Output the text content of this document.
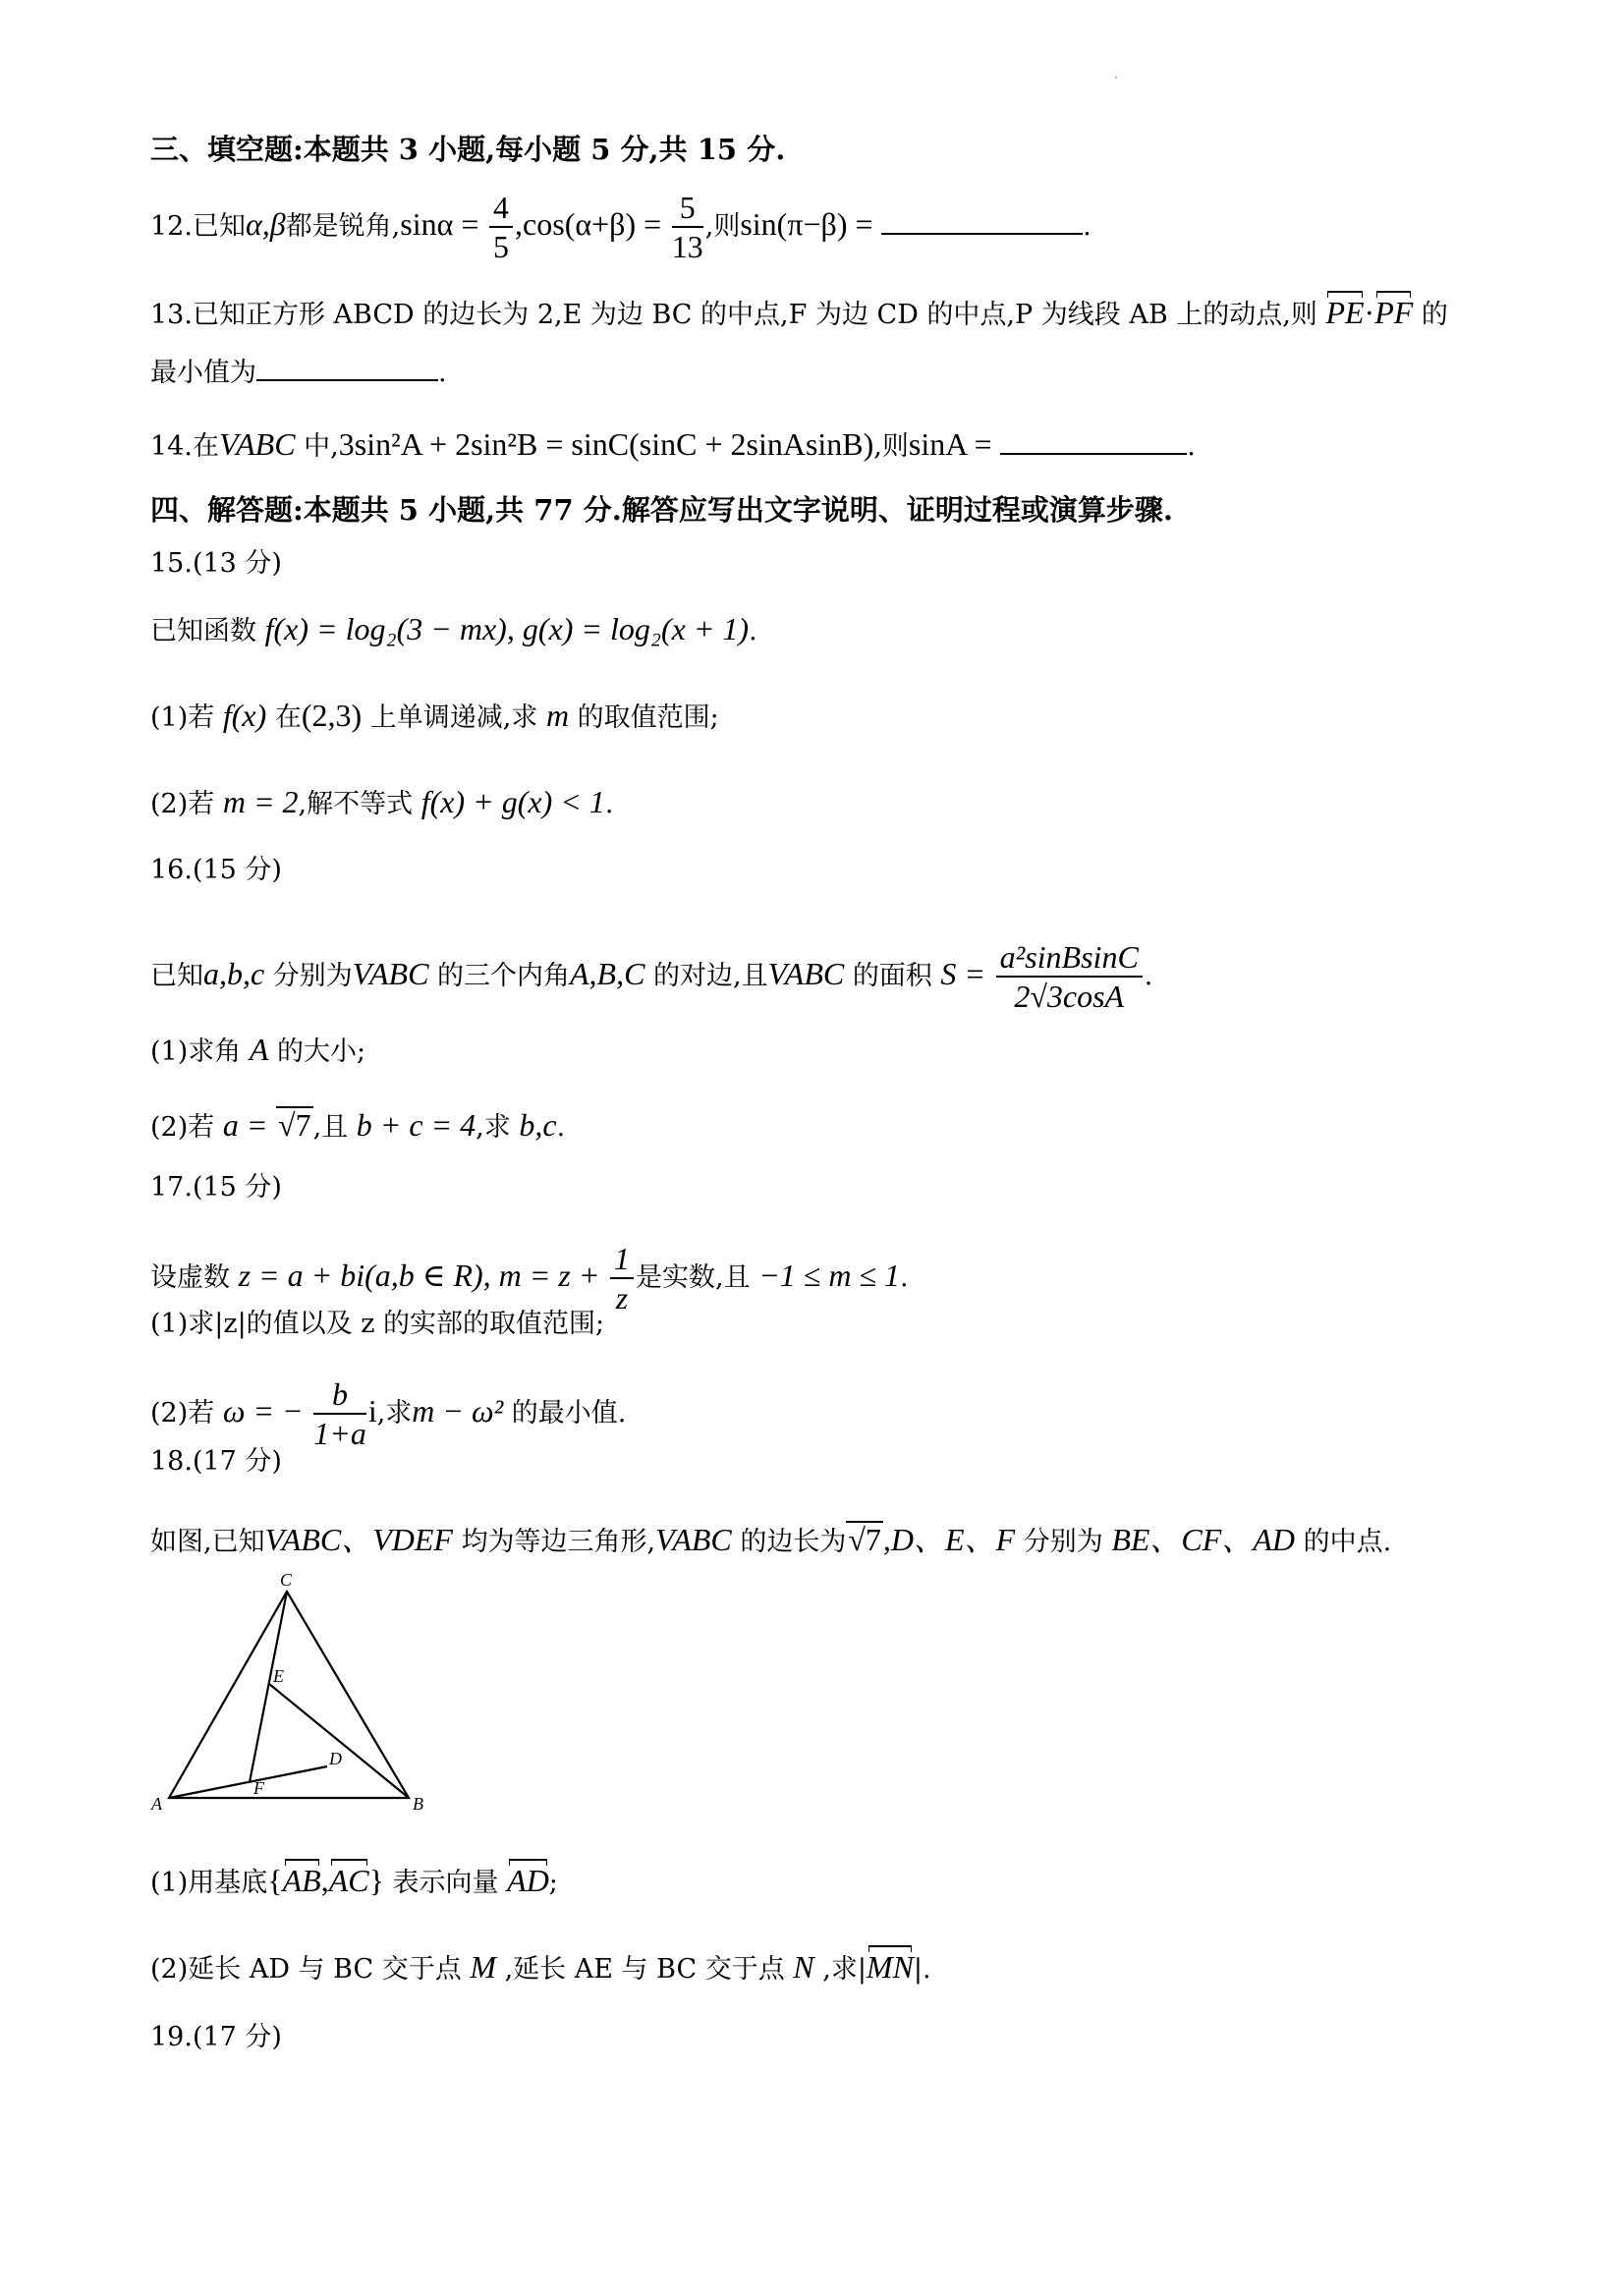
三、填空题:本题共 3 小题,每小题 5 分,共 15 分.
12.已知α,β都是锐角$,\sin\alpha = \frac{4}{5} ,\cos(\alpha+\beta) = \frac{5}{13}$ ,则sin(π−β) =	.
13.已知正方形 ABCD 的边长为 2,E 为边 BC 的中点,F 为边 CD 的中点,P 为线段 AB 上的动点,则 PE·PF 的
最小值为	.
14.在VABC 中,3sin²A + 2sin²B = sinC(sinC + 2sinAsinB),则sinA =	.
四、解答题:本题共 5 小题,共 77 分.解答应写出文字说明、证明过程或演算步骤.
15.(13 分)
已知函数 f(x) = log₂(3 − mx), g(x) = log₂(x + 1).
(1)若 f(x) 在(2,3) 上单调递减,求 m 的取值范围;
(2)若 m = 2,解不等式 f(x) + g(x) < 1.
16.(15 分)
已知a,b,c 分别为VABC 的三个内角A,B,C 的对边,且VABC 的面积 $S = \frac{\text{a²sinBsinC}}{2√3\cos A}$ .
(1)求角 A 的大小;
(2)若 a = √7,且 b + c = 4,求 b,c.
17.(15 分)
设虚数 z = a + bi(a,b ∈ R), $m = z + \frac{1}{z}$ 是实数,且 −1 ≤ m ≤ 1.
(1)求|z|的值以及 z 的实部的取值范围;
(2)若 ω = − $\frac{b}{1+a} i$,求m − ω² 的最小值.
18.(17 分)
如图,已知VABC、VDEF 均为等边三角形,VABC 的边长为√7,D、E、F 分别为 BE、CF、AD 的中点.
C
E
D
F
A	B
(1)用基底{AB,AC} 表示向量 AD;
(2)延长 AD 与 BC 交于点 M ,延长 AE 与 BC 交于点 N ,求|MN|.
19.(17 分)
